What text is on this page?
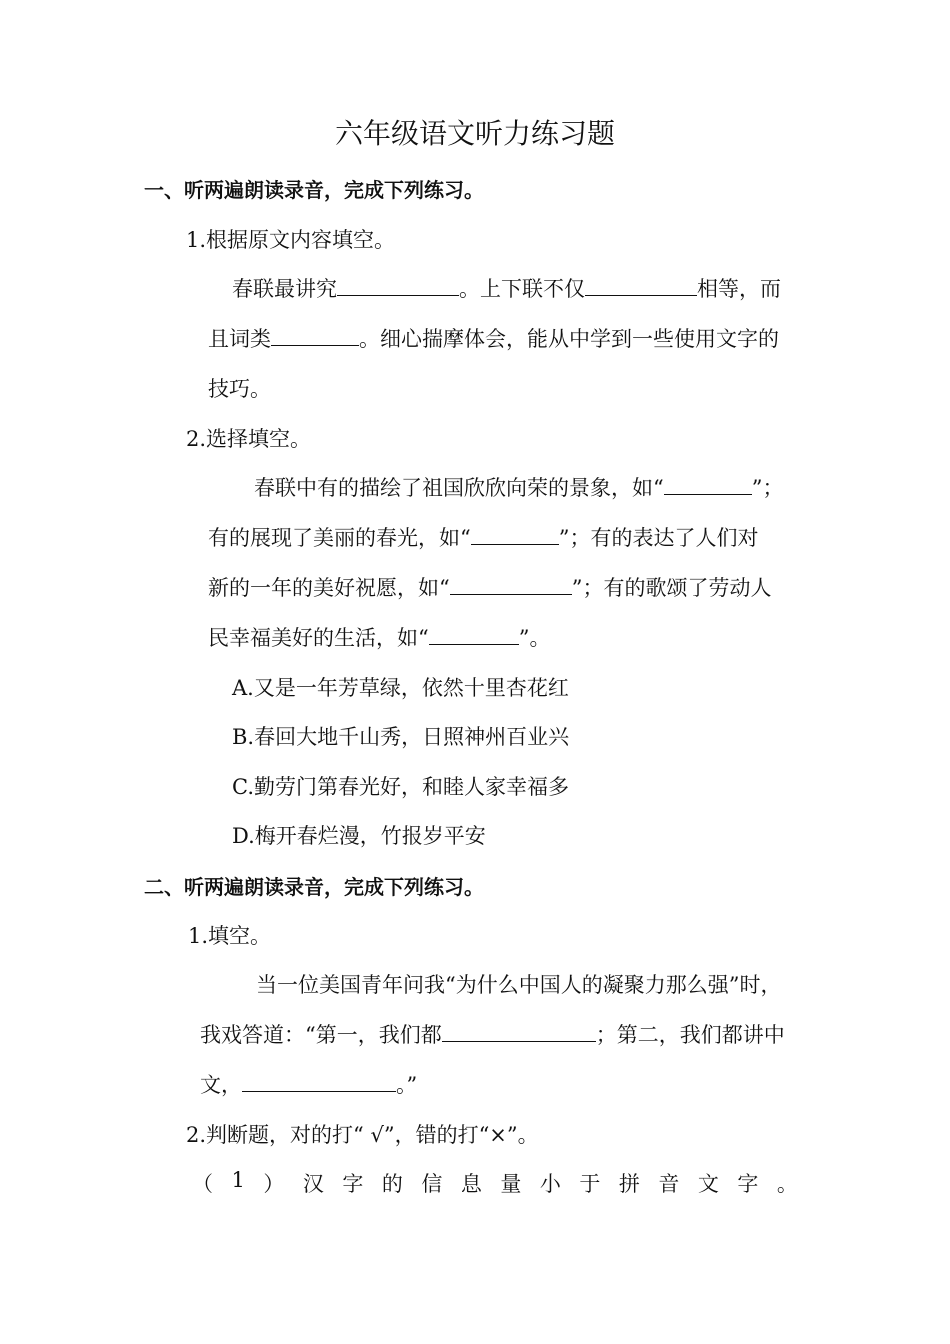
六年级语文听力练习题
一、听两遍朗读录音，完成下列练习。
1.根据原文内容填空。
春联最讲究	。上下联不仅	相等，而
且词类	。细心揣摩体会，能从中学到一些使用文字的
技巧。
2.选择填空。
春联中有的描绘了祖国欣欣向荣的景象，如“	”；
有的展现了美丽的春光，如“	”；有的表达了人们对
新的一年的美好祝愿，如“	”；有的歌颂了劳动人
民幸福美好的生活，如“	”。
A.又是一年芳草绿，依然十里杏花红
B.春回大地千山秀，日照神州百业兴
C.勤劳门第春光好，和睦人家幸福多
D.梅开春烂漫，竹报岁平安
二、听两遍朗读录音，完成下列练习。
1.填空。
当一位美国青年问我“为什么中国人的凝聚力那么强”时，
我戏答道：“第一，我们都	；第二，我们都讲中
文，	。”
2.判断题，对的打“ √”，错的打“×”。
（ 1 ） 汉 字 的 信 息 量 小 于 拼 音 文 字 。
